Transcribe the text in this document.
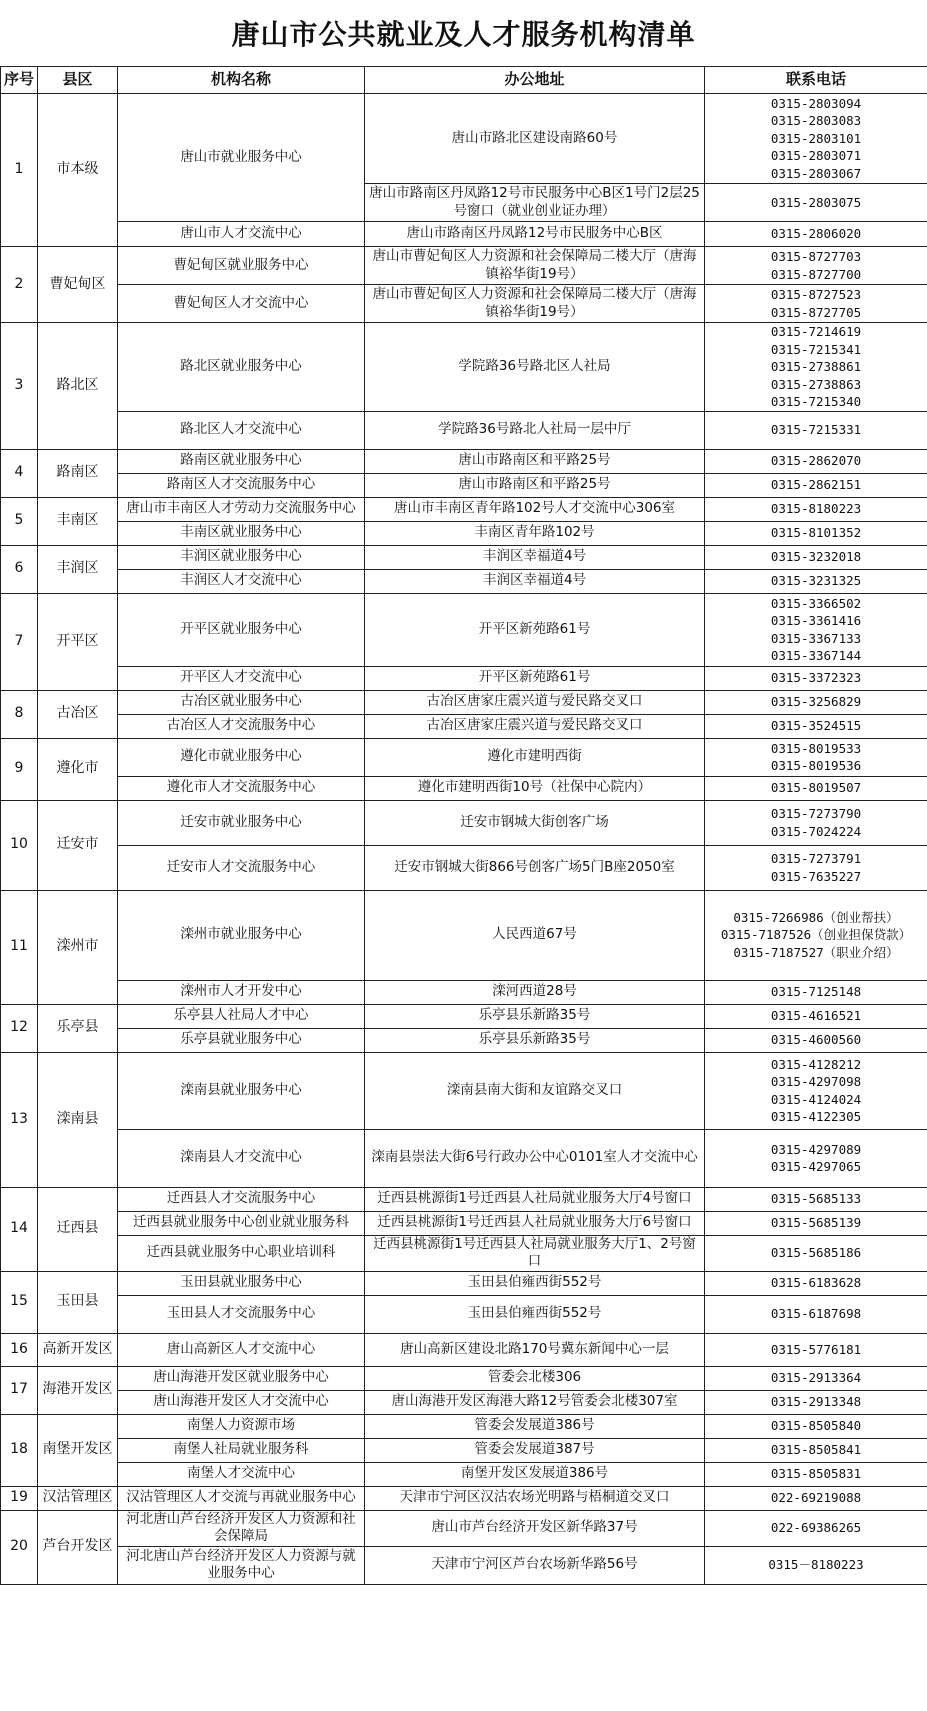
唐山市公共就业及人才服务机构清单
序号	县区	机构名称	办公地址	联系电话
1	市本级	唐山市就业服务中心	唐山市路北区建设南路60号	0315-2803094
0315-2803083
0315-2803101
0315-2803071
0315-2803067

			唐山市路南区丹凤路12号市民服务中心B区1号门2层25号窗口（就业创业证办理）	0315-2803075

		唐山市人才交流中心	唐山市路南区丹凤路12号市民服务中心B区	0315-2806020

2	曹妃甸区	曹妃甸区就业服务中心	唐山市曹妃甸区人力资源和社会保障局二楼大厅（唐海镇裕华街19号）	0315-8727703
0315-8727700

		曹妃甸区人才交流中心	唐山市曹妃甸区人力资源和社会保障局二楼大厅（唐海镇裕华街19号）	0315-8727523
0315-8727705

3	路北区	路北区就业服务中心	学院路36号路北区人社局	0315-7214619
0315-7215341
0315-2738861
0315-2738863
0315-7215340

		路北区人才交流中心	学院路36号路北人社局一层中厅	0315-7215331

4	路南区	路南区就业服务中心	唐山市路南区和平路25号	0315-2862070

		路南区人才交流服务中心	唐山市路南区和平路25号	0315-2862151

5	丰南区	唐山市丰南区人才劳动力交流服务中心	唐山市丰南区青年路102号人才交流中心306室	0315-8180223

		丰南区就业服务中心	丰南区青年路102号	0315-8101352

6	丰润区	丰润区就业服务中心	丰润区幸福道4号	0315-3232018

		丰润区人才交流中心	丰润区幸福道4号	0315-3231325

7	开平区	开平区就业服务中心	开平区新苑路61号	0315-3366502
0315-3361416
0315-3367133
0315-3367144

		开平区人才交流中心	开平区新苑路61号	0315-3372323

8	古冶区	古冶区就业服务中心	古冶区唐家庄震兴道与爱民路交叉口	0315-3256829

		古冶区人才交流服务中心	古冶区唐家庄震兴道与爱民路交叉口	0315-3524515

9	遵化市	遵化市就业服务中心	遵化市建明西街	0315-8019533
0315-8019536

		遵化市人才交流服务中心	遵化市建明西街10号（社保中心院内）	0315-8019507

10	迁安市	迁安市就业服务中心	迁安市钢城大街创客广场	0315-7273790
0315-7024224

		迁安市人才交流服务中心	迁安市钢城大街866号创客广场5门B座2050室	0315-7273791
0315-7635227

11	滦州市	滦州市就业服务中心	人民西道67号	0315-7266986（创业帮扶）
0315-7187526（创业担保贷款）
0315-7187527（职业介绍）

		滦州市人才开发中心	滦河西道28号	0315-7125148

12	乐亭县	乐亭县人社局人才中心	乐亭县乐新路35号	0315-4616521

		乐亭县就业服务中心	乐亭县乐新路35号	0315-4600560

13	滦南县	滦南县就业服务中心	滦南县南大街和友谊路交叉口	0315-4128212
0315-4297098
0315-4124024
0315-4122305

		滦南县人才交流中心	滦南县崇法大街6号行政办公中心0101室人才交流中心	0315-4297089
0315-4297065

14	迁西县	迁西县人才交流服务中心	迁西县桃源街1号迁西县人社局就业服务大厅4号窗口	0315-5685133

		迁西县就业服务中心创业就业服务科	迁西县桃源街1号迁西县人社局就业服务大厅6号窗口	0315-5685139

		迁西县就业服务中心职业培训科	迁西县桃源街1号迁西县人社局就业服务大厅1、2号窗口	0315-5685186

15	玉田县	玉田县就业服务中心	玉田县伯雍西街552号	0315-6183628

		玉田县人才交流服务中心	玉田县伯雍西街552号	0315-6187698

16	高新开发区	唐山高新区人才交流中心	唐山高新区建设北路170号冀东新闻中心一层	0315-5776181

17	海港开发区	唐山海港开发区就业服务中心	管委会北楼306	0315-2913364

		唐山海港开发区人才交流中心	唐山海港开发区海港大路12号管委会北楼307室	0315-2913348

18	南堡开发区	南堡人力资源市场	管委会发展道386号	0315-8505840

		南堡人社局就业服务科	管委会发展道387号	0315-8505841

		南堡人才交流中心	南堡开发区发展道386号	0315-8505831

19	汉沽管理区	汉沽管理区人才交流与再就业服务中心	天津市宁河区汉沽农场光明路与梧桐道交叉口	022-69219088

20	芦台开发区	河北唐山芦台经济开发区人力资源和社会保障局	唐山市芦台经济开发区新华路37号	022-69386265

		河北唐山芦台经济开发区人力资源与就业服务中心	天津市宁河区芦台农场新华路56号	0315－8180223
